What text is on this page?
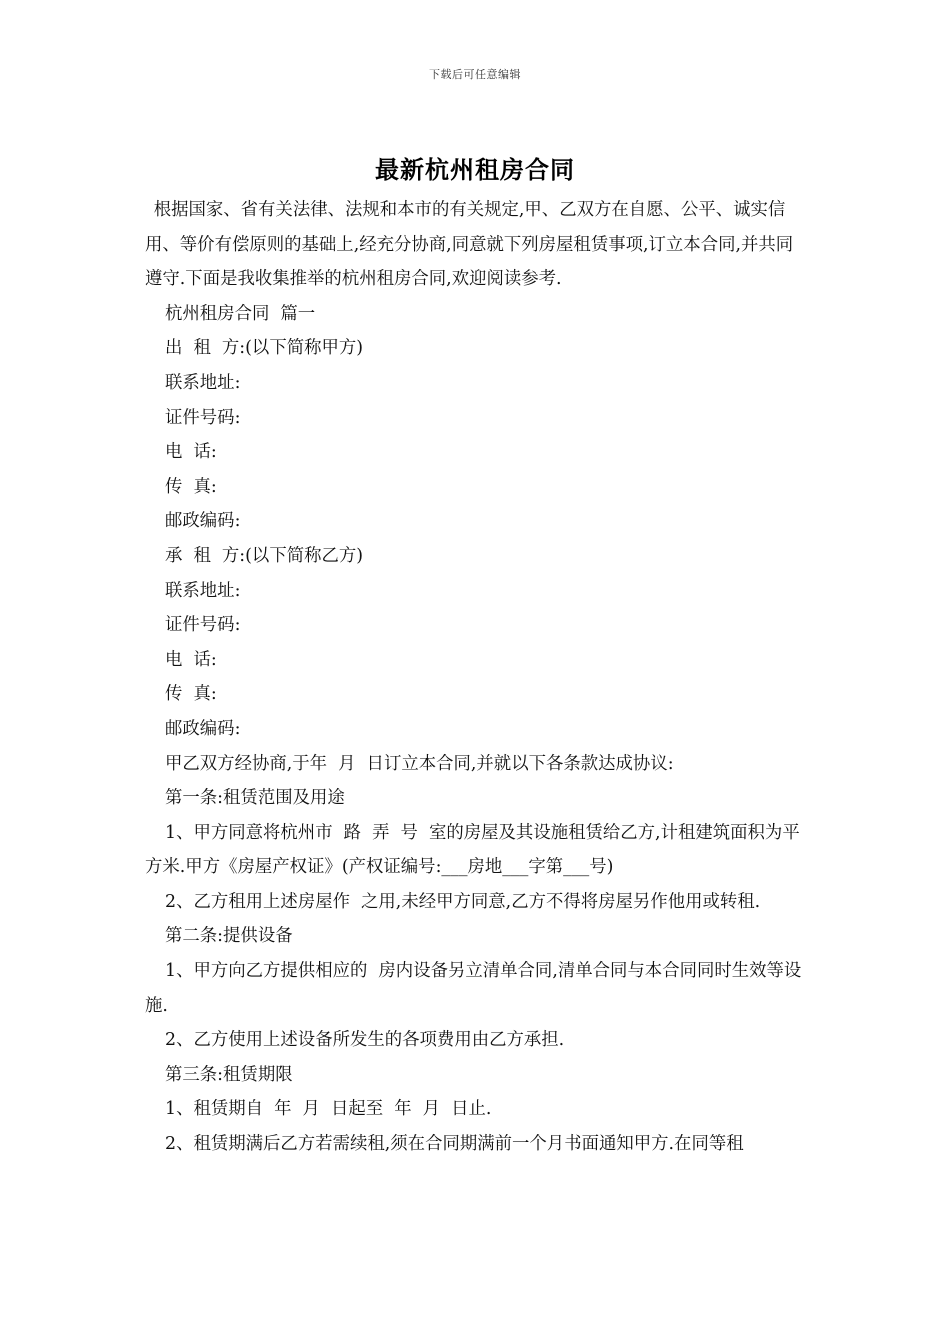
下载后可任意编辑
最新杭州租房合同

根据国家、省有关法律、法规和本市的有关规定,甲、乙双方在自愿、公平、诚实信用、等价有偿原则的基础上,经充分协商,同意就下列房屋租赁事项,订立本合同,并共同遵守.下面是我收集推举的杭州租房合同,欢迎阅读参考.

杭州租房合同  篇一

出  租  方:(以下简称甲方)

联系地址:

证件号码:

电  话:

传  真:

邮政编码:

承  租  方:(以下简称乙方)

联系地址:

证件号码:

电  话:

传  真:

邮政编码:

甲乙双方经协商,于年  月  日订立本合同,并就以下各条款达成协议:

第一条:租赁范围及用途

1、甲方同意将杭州市  路  弄  号  室的房屋及其设施租赁给乙方,计租建筑面积为平方米.甲方《房屋产权证》(产权证编号:___房地___字第___号)

2、乙方租用上述房屋作  之用,未经甲方同意,乙方不得将房屋另作他用或转租.

第二条:提供设备

1、甲方向乙方提供相应的  房内设备另立清单合同,清单合同与本合同同时生效等设施.

2、乙方使用上述设备所发生的各项费用由乙方承担.

第三条:租赁期限

1、租赁期自  年  月  日起至  年  月  日止.

2、租赁期满后乙方若需续租,须在合同期满前一个月书面通知甲方.在同等租
